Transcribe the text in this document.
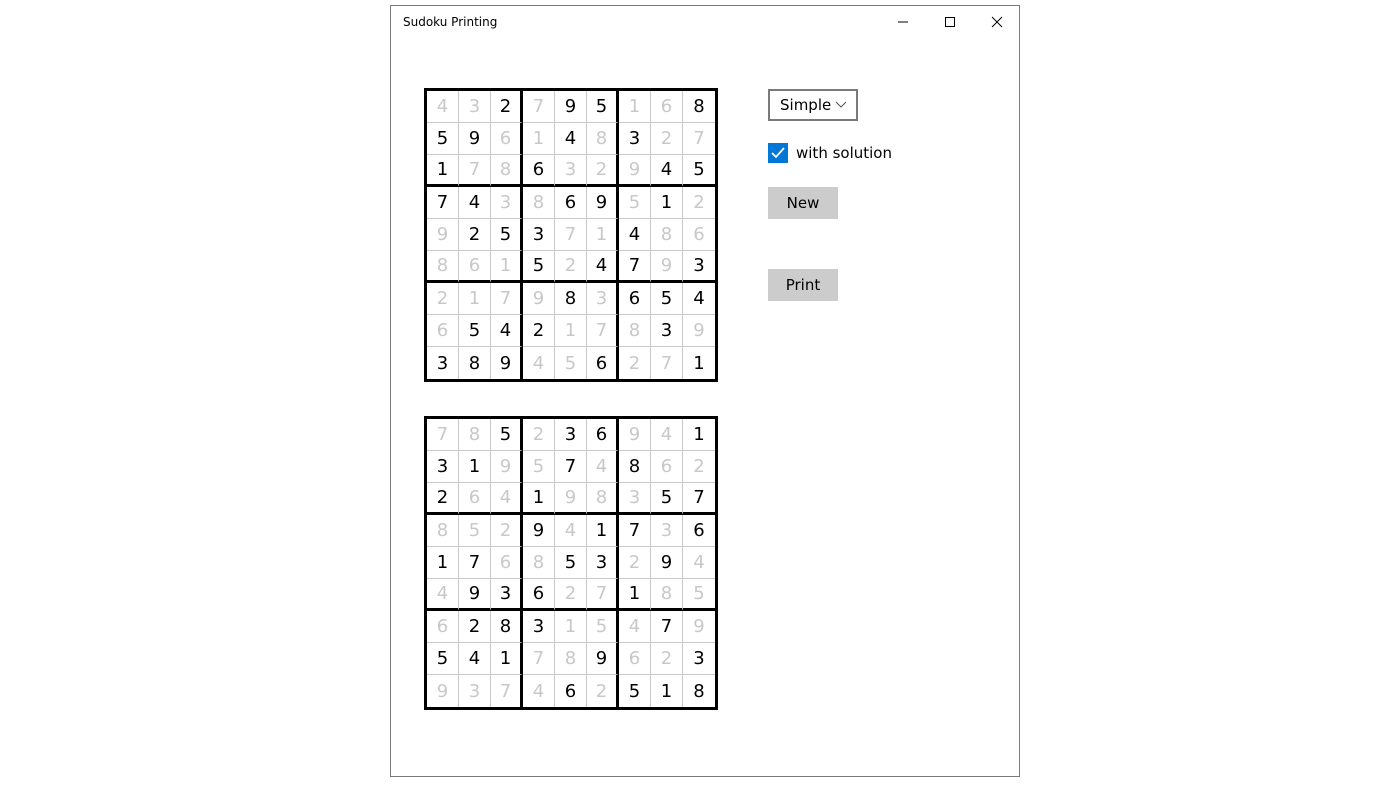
Sudoku Printing
4	3	2	7	9	5	1	6	8
5	9	6	1	4	8	3	2	7
1	7	8	6	3	2	9	4	5
7	4	3	8	6	9	5	1	2
9	2	5	3	7	1	4	8	6
8	6	1	5	2	4	7	9	3
2	1	7	9	8	3	6	5	4
6	5	4	2	1	7	8	3	9
3	8	9	4	5	6	2	7	1
7	8	5	2	3	6	9	4	1
3	1	9	5	7	4	8	6	2
2	6	4	1	9	8	3	5	7
8	5	2	9	4	1	7	3	6
1	7	6	8	5	3	2	9	4
4	9	3	6	2	7	1	8	5
6	2	8	3	1	5	4	7	9
5	4	1	7	8	9	6	2	3
9	3	7	4	6	2	5	1	8
Simple
with solution
New
Print
